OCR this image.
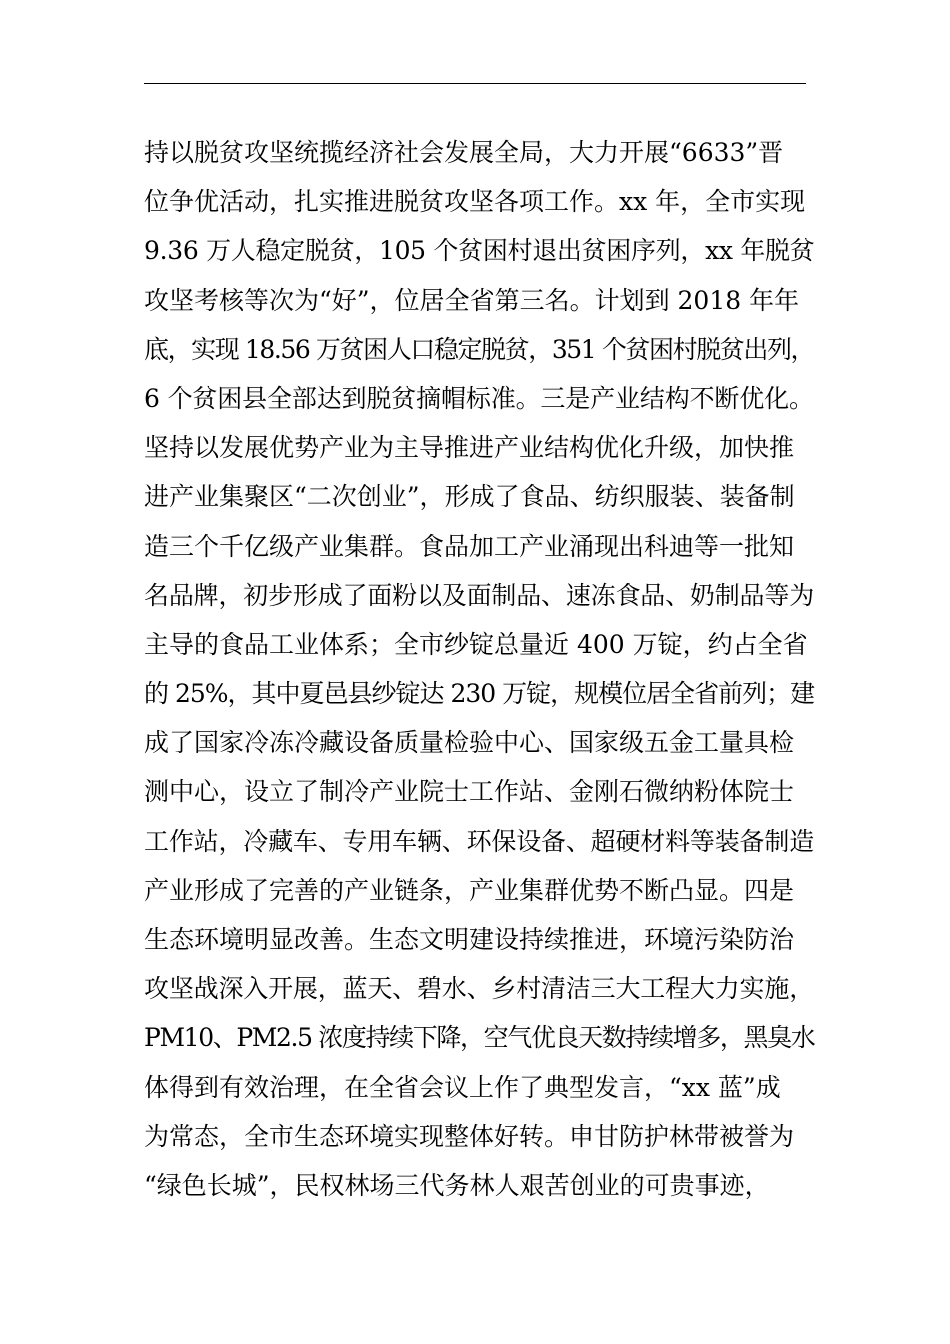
持以脱贫攻坚统揽经济社会发展全局，大力开展“6633”晋
位争优活动，扎实推进脱贫攻坚各项工作。xx 年，全市实现
9.36 万人稳定脱贫，105 个贫困村退出贫困序列，xx 年脱贫
攻坚考核等次为“好”，位居全省第三名。计划到 2018 年年
底，实现 18.56 万贫困人口稳定脱贫，351 个贫困村脱贫出列，
6 个贫困县全部达到脱贫摘帽标准。三是产业结构不断优化。
坚持以发展优势产业为主导推进产业结构优化升级，加快推
进产业集聚区“二次创业”，形成了食品、纺织服装、装备制
造三个千亿级产业集群。食品加工产业涌现出科迪等一批知
名品牌，初步形成了面粉以及面制品、速冻食品、奶制品等为
主导的食品工业体系；全市纱锭总量近 400 万锭，约占全省
的 25%，其中夏邑县纱锭达 230 万锭，规模位居全省前列；建
成了国家冷冻冷藏设备质量检验中心、国家级五金工量具检
测中心，设立了制冷产业院士工作站、金刚石微纳粉体院士
工作站，冷藏车、专用车辆、环保设备、超硬材料等装备制造
产业形成了完善的产业链条，产业集群优势不断凸显。四是
生态环境明显改善。生态文明建设持续推进，环境污染防治
攻坚战深入开展，蓝天、碧水、乡村清洁三大工程大力实施，
PM10、PM2.5 浓度持续下降，空气优良天数持续增多，黑臭水
体得到有效治理，在全省会议上作了典型发言，“xx 蓝”成
为常态，全市生态环境实现整体好转。申甘防护林带被誉为
“绿色长城”，民权林场三代务林人艰苦创业的可贵事迹，
